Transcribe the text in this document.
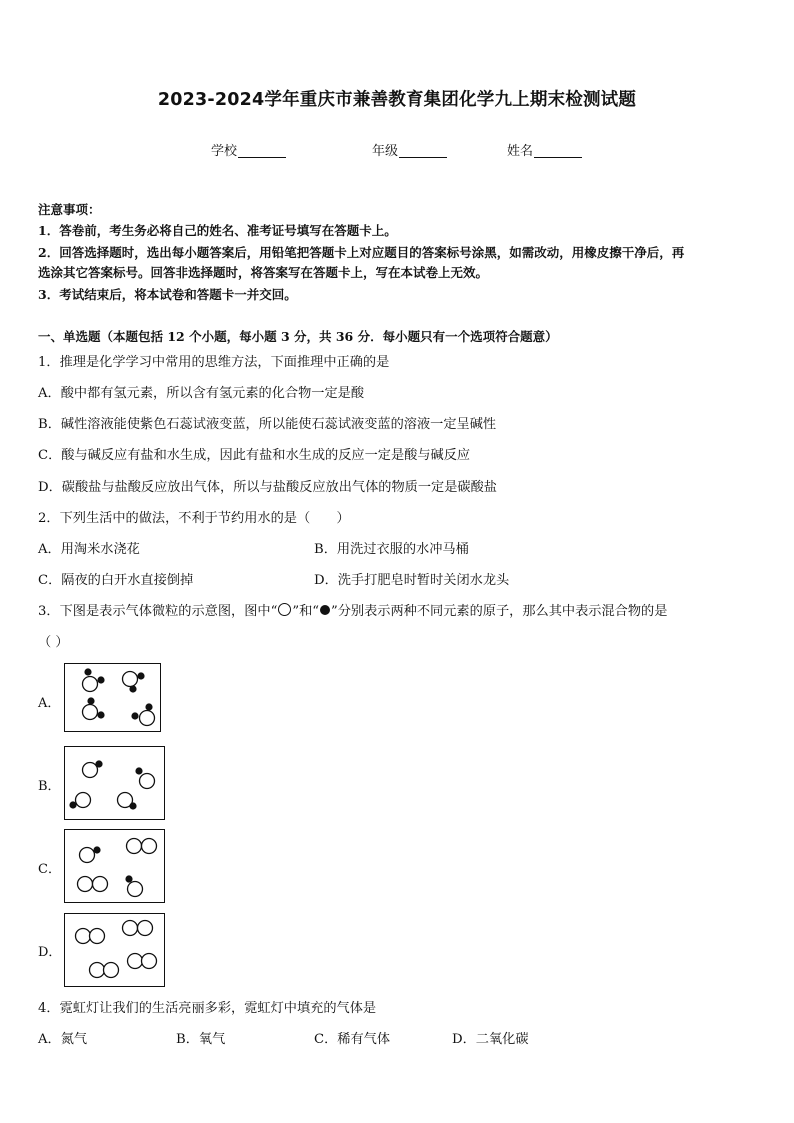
2023-2024学年重庆市兼善教育集团化学九上期末检测试题
学校	年级	姓名
注意事项：
1．答卷前，考生务必将自己的姓名、准考证号填写在答题卡上。
2．回答选择题时，选出每小题答案后，用铅笔把答题卡上对应题目的答案标号涂黑，如需改动，用橡皮擦干净后，再
选涂其它答案标号。回答非选择题时，将答案写在答题卡上，写在本试卷上无效。
3．考试结束后，将本试卷和答题卡一并交回。
一、单选题（本题包括 12 个小题，每小题 3 分，共 36 分．每小题只有一个选项符合题意）
1．推理是化学学习中常用的思维方法，下面推理中正确的是
A．酸中都有氢元素，所以含有氢元素的化合物一定是酸
B．碱性溶液能使紫色石蕊试液变蓝，所以能使石蕊试液变蓝的溶液一定呈碱性
C．酸与碱反应有盐和水生成，因此有盐和水生成的反应一定是酸与碱反应
D．碳酸盐与盐酸反应放出气体，所以与盐酸反应放出气体的物质一定是碳酸盐
2．下列生活中的做法，不利于节约用水的是（　　）
A．用淘米水浇花	B．用洗过衣服的水冲马桶
C．隔夜的白开水直接倒掉	D．洗手打肥皂时暂时关闭水龙头
3．下图是表示气体微粒的示意图，图中“ ”和“ ”分别表示两种不同元素的原子，那么其中表示混合物的是
（ ）
A．
B．
C．
D．
4．霓虹灯让我们的生活亮丽多彩，霓虹灯中填充的气体是
A．氮气	B．氧气	C．稀有气体	D．二氧化碳
